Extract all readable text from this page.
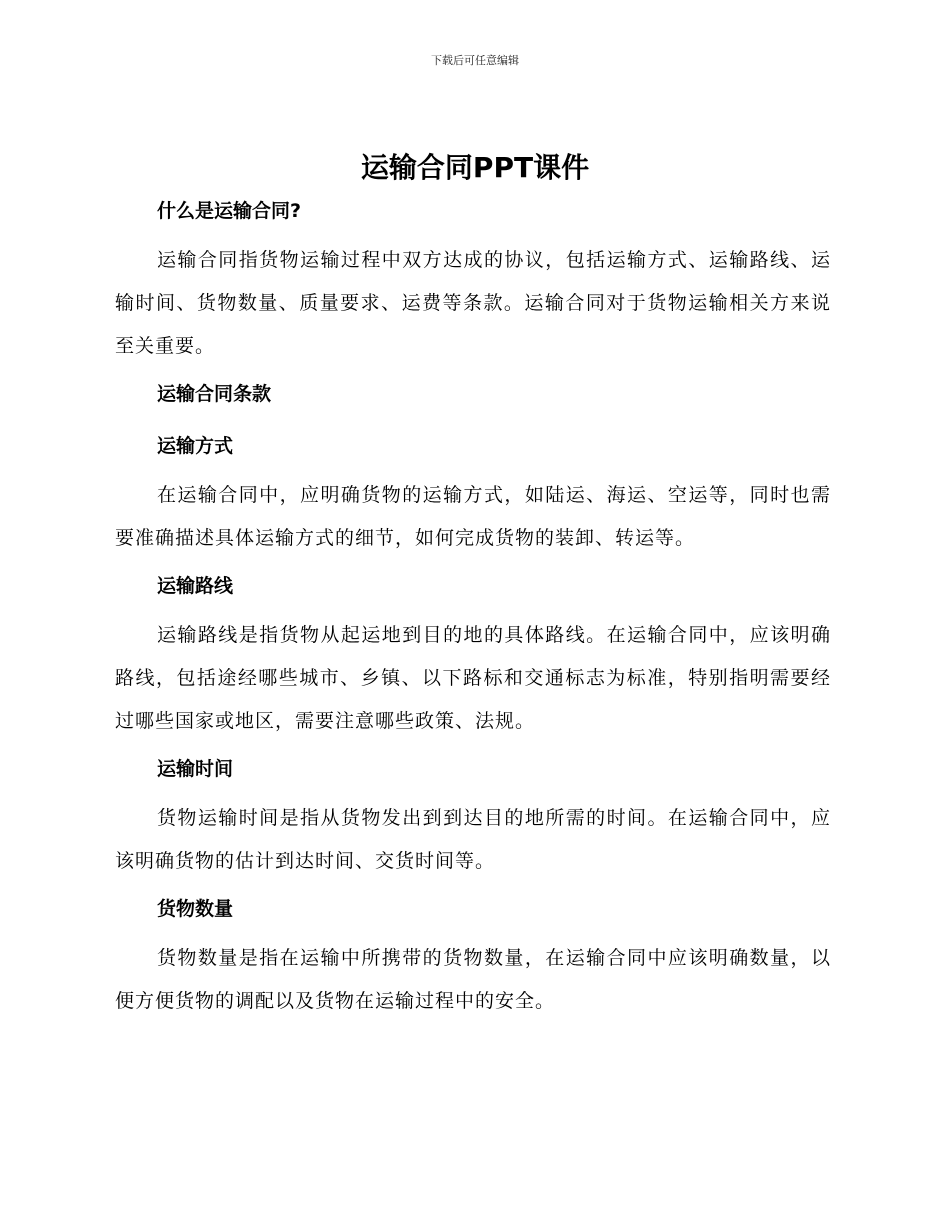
下载后可任意编辑
运输合同PPT课件
什么是运输合同?

运输合同指货物运输过程中双方达成的协议，包括运输方式、运输路线、运输时间、货物数量、质量要求、运费等条款。运输合同对于货物运输相关方来说至关重要。

运输合同条款
运输方式

在运输合同中，应明确货物的运输方式，如陆运、海运、空运等，同时也需要准确描述具体运输方式的细节，如何完成货物的装卸、转运等。

运输路线

运输路线是指货物从起运地到目的地的具体路线。在运输合同中，应该明确路线，包括途经哪些城市、乡镇、以下路标和交通标志为标准，特别指明需要经过哪些国家或地区，需要注意哪些政策、法规。

运输时间

货物运输时间是指从货物发出到到达目的地所需的时间。在运输合同中，应该明确货物的估计到达时间、交货时间等。

货物数量

货物数量是指在运输中所携带的货物数量，在运输合同中应该明确数量，以便方便货物的调配以及货物在运输过程中的安全。
